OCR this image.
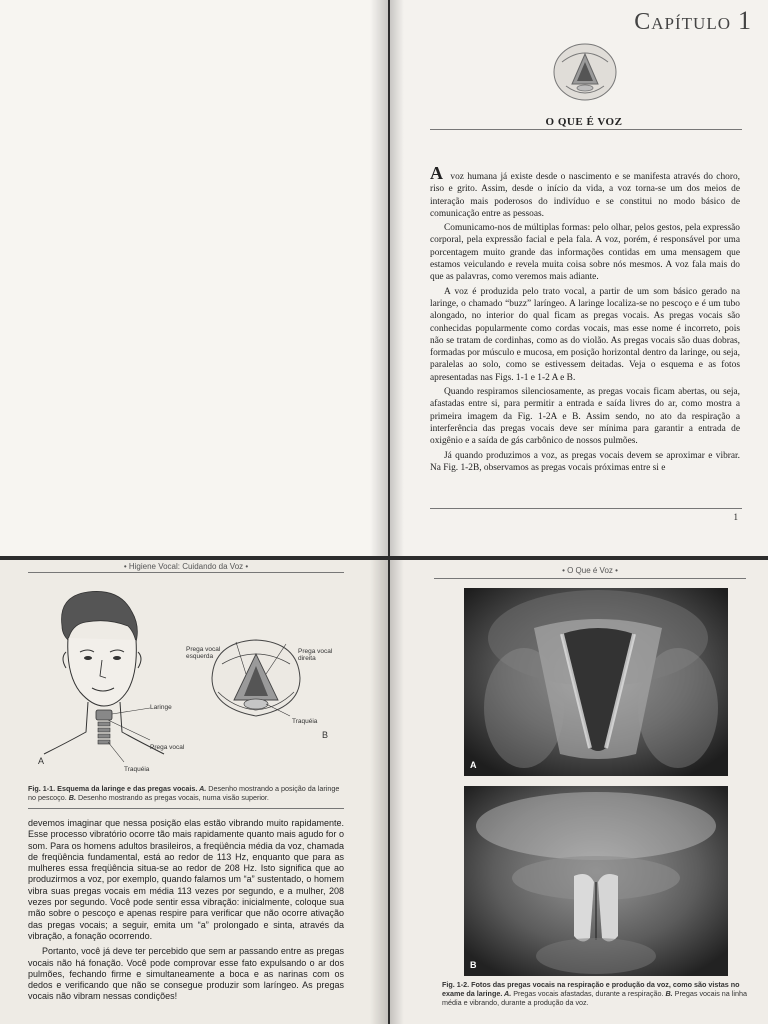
Capítulo 1
O QUE É VOZ

A voz humana já existe desde o nascimento e se manifesta através do choro, riso e grito. Assim, desde o início da vida, a voz torna-se um dos meios de interação mais poderosos do indivíduo e se constitui no modo básico de comunicação entre as pessoas.

Comunicamo-nos de múltiplas formas: pelo olhar, pelos gestos, pela expressão corporal, pela expressão facial e pela fala. A voz, porém, é responsável por uma porcentagem muito grande das informações contidas em uma mensagem que estamos veiculando e revela muita coisa sobre nós mesmos. A voz fala mais do que as palavras, como veremos mais adiante.

A voz é produzida pelo trato vocal, a partir de um som básico gerado na laringe, o chamado “buzz” laríngeo. A laringe localiza-se no pescoço e é um tubo alongado, no interior do qual ficam as pregas vocais. As pregas vocais são conhecidas popularmente como cordas vocais, mas esse nome é incorreto, pois não se tratam de cordinhas, como as do violão. As pregas vocais são duas dobras, formadas por músculo e mucosa, em posição horizontal dentro da laringe, ou seja, paralelas ao solo, como se estivessem deitadas. Veja o esquema e as fotos apresentadas nas Figs. 1-1 e 1-2 A e B.

Quando respiramos silenciosamente, as pregas vocais ficam abertas, ou seja, afastadas entre si, para permitir a entrada e saída livres do ar, como mostra a primeira imagem da Fig. 1-2A e B. Assim sendo, no ato da respiração a interferência das pregas vocais deve ser mínima para garantir a entrada de oxigênio e a saída de gás carbônico de nossos pulmões.

Já quando produzimos a voz, as pregas vocais devem se aproximar e vibrar. Na Fig. 1-2B, observamos as pregas vocais próximas entre si e

1
• Higiene Vocal: Cuidando da Voz •
Laringe
Prega vocal
Traquéia
A
Prega vocal
esquerda
Prega vocal
direita
Traquéia
B
Fig. 1-1. Esquema da laringe e das pregas vocais. A. Desenho mostrando a posição da laringe no pescoço. B. Desenho mostrando as pregas vocais, numa visão superior.

devemos imaginar que nessa posição elas estão vibrando muito rapidamente. Esse processo vibratório ocorre tão mais rapidamente quanto mais agudo for o som. Para os homens adultos brasileiros, a freqüência média da voz, chamada de freqüência fundamental, está ao redor de 113 Hz, enquanto que para as mulheres essa freqüência situa-se ao redor de 208 Hz. Isto significa que ao produzirmos a voz, por exemplo, quando falamos um “a” sustentado, o homem vibra suas pregas vocais em média 113 vezes por segundo, e a mulher, 208 vezes por segundo. Você pode sentir essa vibração: inicialmente, coloque sua mão sobre o pescoço e apenas respire para verificar que não ocorre ativação das pregas vocais; a seguir, emita um “a” prolongado e sinta, através da vibração, a fonação ocorrendo.

Portanto, você já deve ter percebido que sem ar passando entre as pregas vocais não há fonação. Você pode comprovar esse fato expulsando o ar dos pulmões, fechando firme e simultaneamente a boca e as narinas com os dedos e verificando que não se consegue produzir som laríngeo. As pregas vocais não vibram nessas condições!

• O Que é Voz •
A
B
Fig. 1-2. Fotos das pregas vocais na respiração e produção da voz, como são vistas no exame da laringe. A. Pregas vocais afastadas, durante a respiração. B. Pregas vocais na linha média e vibrando, durante a produção da voz.
